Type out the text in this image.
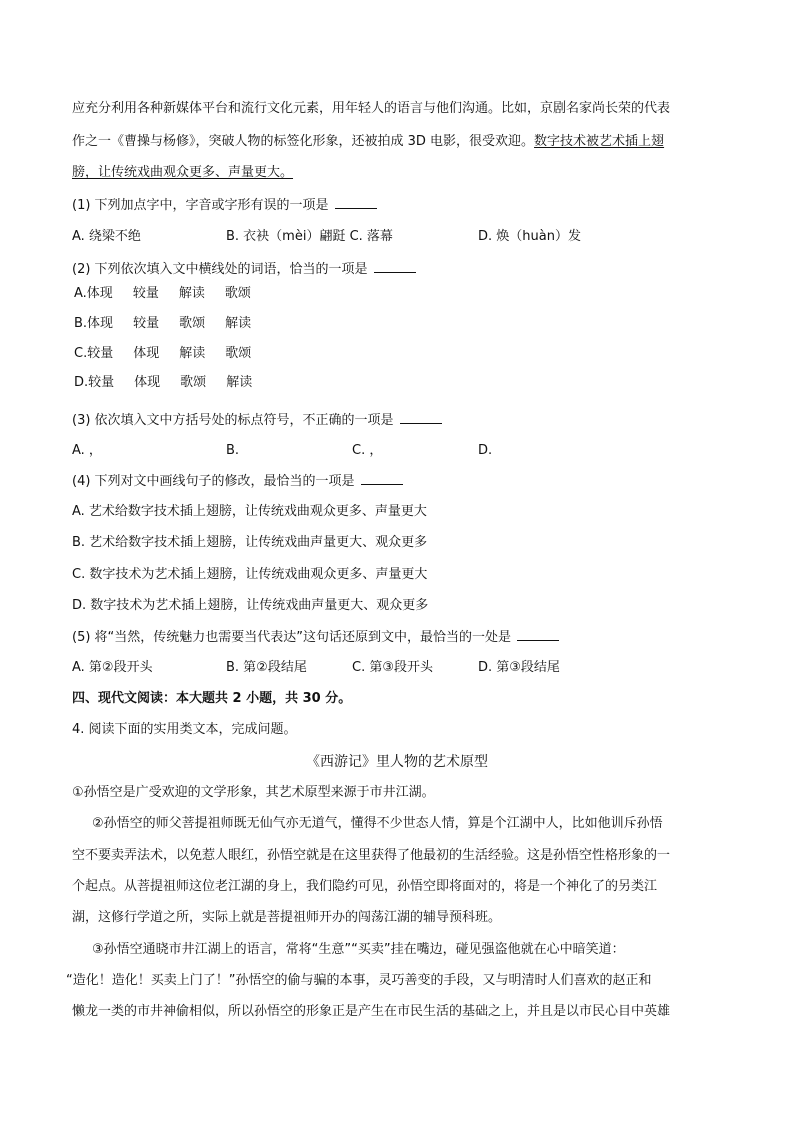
应充分利用各种新媒体平台和流行文化元素，用年轻人的语言与他们沟通。比如，京剧名家尚长荣的代表
作之一《曹操与杨修》，突破人物的标签化形象，还被拍成 3D 电影，很受欢迎。数字技术被艺术插上翅
膀，让传统戏曲观众更多、声量更大。
(1) 下列加点字中，字音或字形有误的一项是
A. 绕梁不绝	B. 衣袂（mèi）翩跹 C. 落幕	D. 焕（huàn）发
(2) 下列依次填入文中横线处的词语，恰当的一项是
A.体现 较量 解读 歌颂
B.体现 较量 歌颂 解读
C.较量 体现 解读 歌颂
D.较量 体现 歌颂 解读
(3) 依次填入文中方括号处的标点符号，不正确的一项是
A. ，	B.	C. ，	D.
(4) 下列对文中画线句子的修改，最恰当的一项是
A. 艺术给数字技术插上翅膀，让传统戏曲观众更多、声量更大
B. 艺术给数字技术插上翅膀，让传统戏曲声量更大、观众更多
C. 数字技术为艺术插上翅膀，让传统戏曲观众更多、声量更大
D. 数字技术为艺术插上翅膀，让传统戏曲声量更大、观众更多
(5) 将“当然，传统魅力也需要当代表达”这句话还原到文中，最恰当的一处是
A. 第②段开头	B. 第②段结尾	C. 第③段开头	D. 第③段结尾
四、现代文阅读：本大题共 2 小题，共 30 分。
4. 阅读下面的实用类文本，完成问题。
《西游记》里人物的艺术原型
①孙悟空是广受欢迎的文学形象，其艺术原型来源于市井江湖。
②孙悟空的师父菩提祖师既无仙气亦无道气，懂得不少世态人情，算是个江湖中人，比如他训斥孙悟
空不要卖弄法术，以免惹人眼红，孙悟空就是在这里获得了他最初的生活经验。这是孙悟空性格形象的一
个起点。从菩提祖师这位老江湖的身上，我们隐约可见，孙悟空即将面对的，将是一个神化了的另类江
湖，这修行学道之所，实际上就是菩提祖师开办的闯荡江湖的辅导预科班。
③孙悟空通晓市井江湖上的语言，常将“生意”“买卖”挂在嘴边，碰见强盗他就在心中暗笑道：
“造化！造化！买卖上门了！”孙悟空的偷与骗的本事，灵巧善变的手段，又与明清时人们喜欢的赵正和
懒龙一类的市井神偷相似，所以孙悟空的形象正是产生在市民生活的基础之上，并且是以市民心目中英雄
